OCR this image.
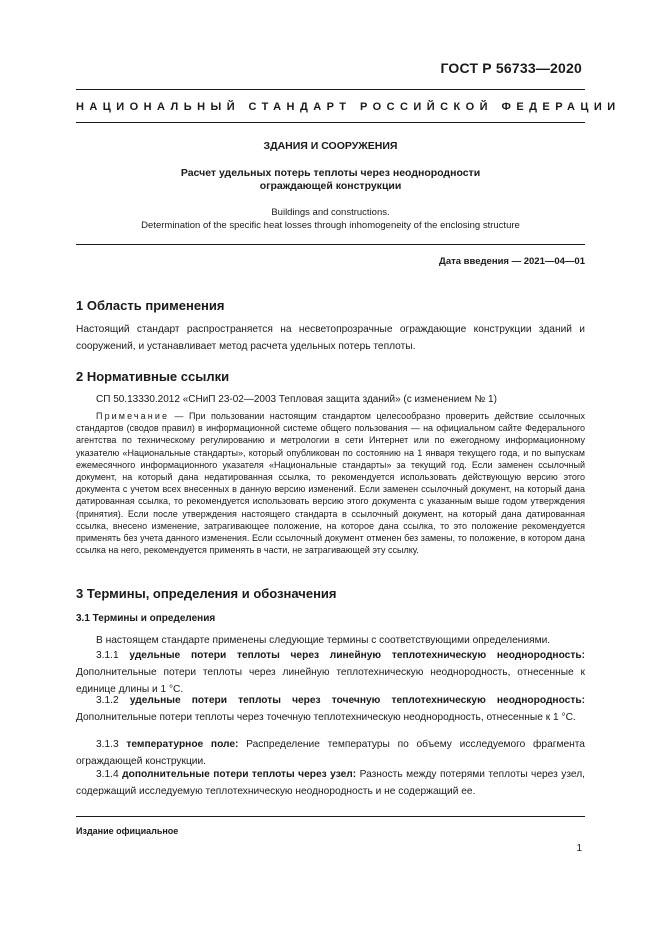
ГОСТ Р 56733—2020
НАЦИОНАЛЬНЫЙ СТАНДАРТ РОССИЙСКОЙ ФЕДЕРАЦИИ
ЗДАНИЯ И СООРУЖЕНИЯ
Расчет удельных потерь теплоты через неоднородности
ограждающей конструкции
Buildings and constructions.
Determination of the specific heat losses through inhomogeneity of the enclosing structure
Дата введения — 2021—04—01
1 Область применения
Настоящий стандарт распространяется на несветопрозрачные ограждающие конструкции зданий и сооружений, и устанавливает метод расчета удельных потерь теплоты.
2 Нормативные ссылки
СП 50.13330.2012 «СНиП 23-02—2003 Тепловая защита зданий» (с изменением № 1)
Примечание — При пользовании настоящим стандартом целесообразно проверить действие ссылочных стандартов (сводов правил) в информационной системе общего пользования — на официальном сайте Федерального агентства по техническому регулированию и метрологии в сети Интернет или по ежегодному информационному указателю «Национальные стандарты», который опубликован по состоянию на 1 января текущего года, и по выпускам ежемесячного информационного указателя «Национальные стандарты» за текущий год. Если заменен ссылочный документ, на который дана недатированная ссылка, то рекомендуется использовать действующую версию этого документа с учетом всех внесенных в данную версию изменений. Если заменен ссылочный документ, на который дана датированная ссылка, то рекомендуется использовать версию этого документа с указанным выше годом утверждения (принятия). Если после утверждения настоящего стандарта в ссылочный документ, на который дана датированная ссылка, внесено изменение, затрагивающее положение, на которое дана ссылка, то это положение рекомендуется применять без учета данного изменения. Если ссылочный документ отменен без замены, то положение, в котором дана ссылка на него, рекомендуется применять в части, не затрагивающей эту ссылку.
3 Термины, определения и обозначения
3.1 Термины и определения
В настоящем стандарте применены следующие термины с соответствующими определениями.
3.1.1 удельные потери теплоты через линейную теплотехническую неоднородность: Дополнительные потери теплоты через линейную теплотехническую неоднородность, отнесенные к единице длины и 1 °С.
3.1.2 удельные потери теплоты через точечную теплотехническую неоднородность: Дополнительные потери теплоты через точечную теплотехническую неоднородность, отнесенные к 1 °С.
3.1.3 температурное поле: Распределение температуры по объему исследуемого фрагмента ограждающей конструкции.
3.1.4 дополнительные потери теплоты через узел: Разность между потерями теплоты через узел, содержащий исследуемую теплотехническую неоднородность и не содержащий ее.
Издание официальное
1
